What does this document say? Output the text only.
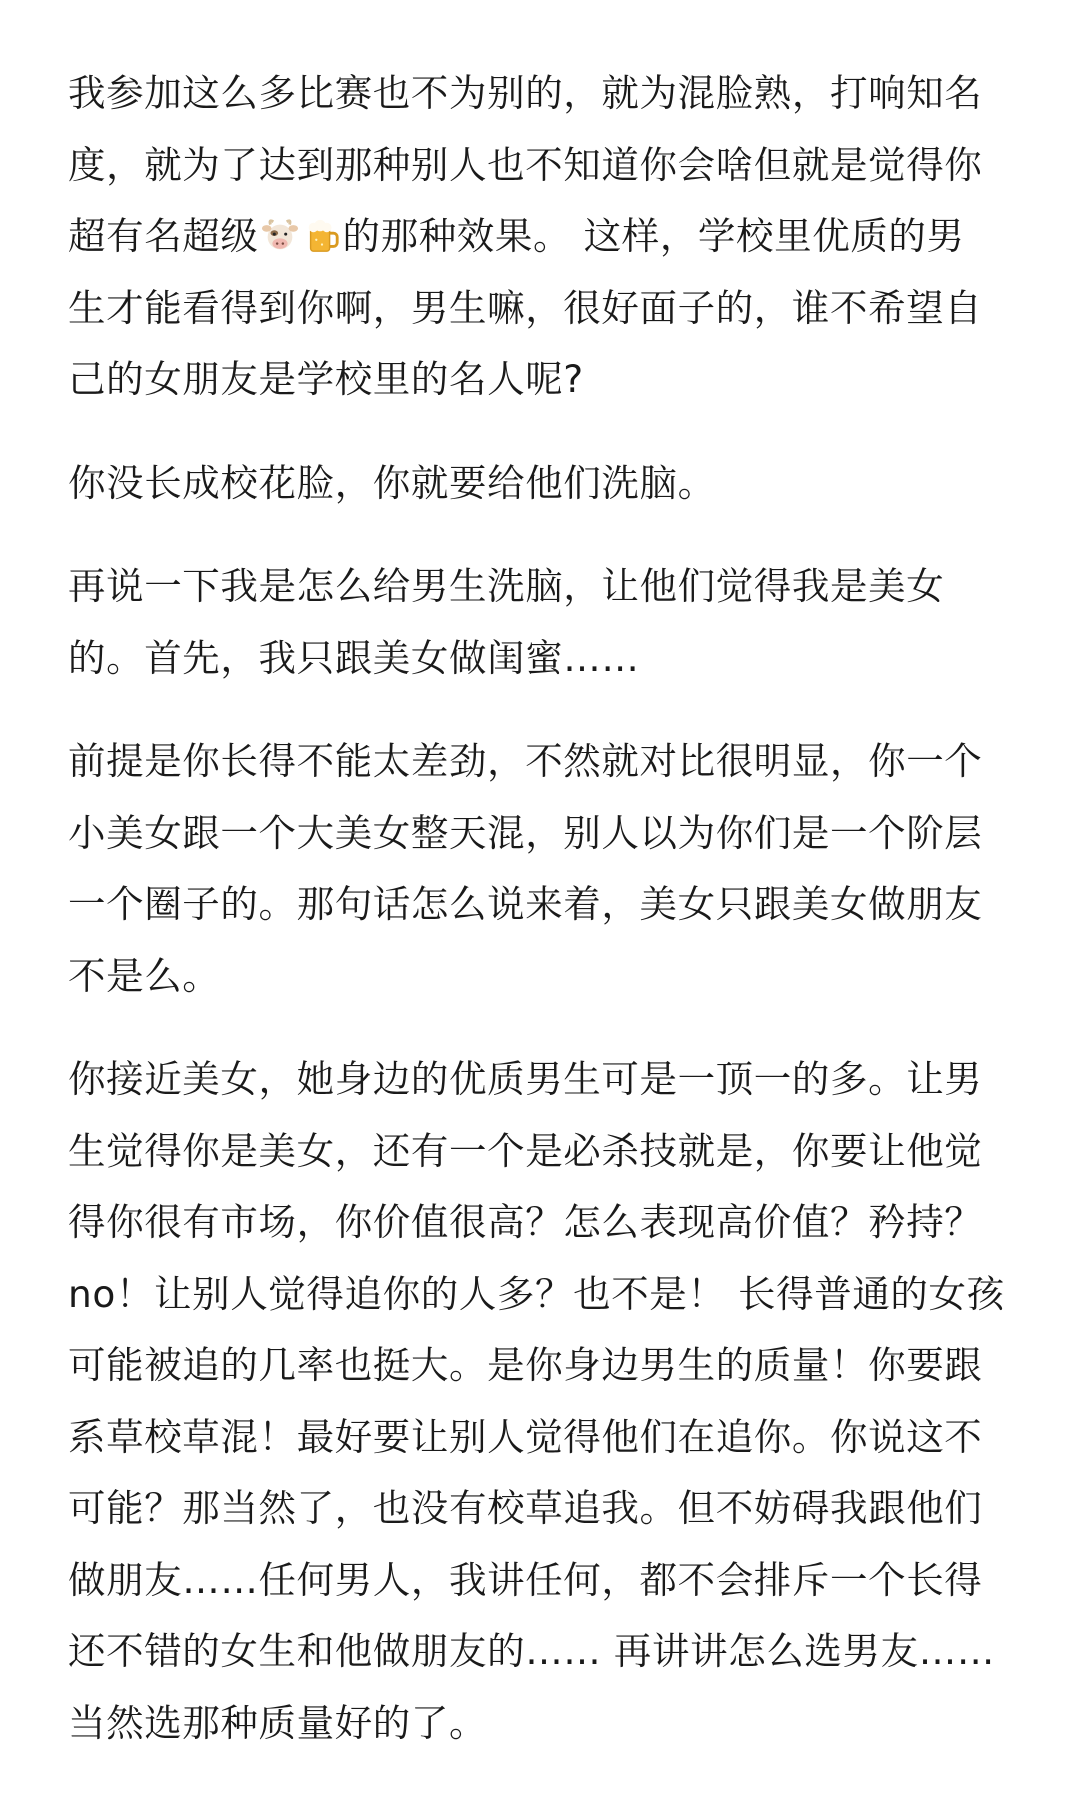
我参加这么多比赛也不为别的，就为混脸熟，打响知名
度，就为了达到那种别人也不知道你会啥但就是觉得你
超有名超级 的那种效果。 这样，学校里优质的男
生才能看得到你啊，男生嘛，很好面子的，谁不希望自
己的女朋友是学校里的名人呢?

你没长成校花脸，你就要给他们洗脑。

再说一下我是怎么给男生洗脑，让他们觉得我是美女
的。首先，我只跟美女做闺蜜……

前提是你长得不能太差劲，不然就对比很明显，你一个
小美女跟一个大美女整天混，别人以为你们是一个阶层
一个圈子的。那句话怎么说来着，美女只跟美女做朋友
不是么。

你接近美女，她身边的优质男生可是一顶一的多。让男
生觉得你是美女，还有一个是必杀技就是，你要让他觉
得你很有市场，你价值很高？怎么表现高价值？矜持？
no！让别人觉得追你的人多？也不是！ 长得普通的女孩
可能被追的几率也挺大。是你身边男生的质量！你要跟
系草校草混！最好要让别人觉得他们在追你。你说这不
可能？那当然了，也没有校草追我。但不妨碍我跟他们
做朋友……任何男人，我讲任何，都不会排斥一个长得
还不错的女生和他做朋友的…… 再讲讲怎么选男友……
当然选那种质量好的了。
